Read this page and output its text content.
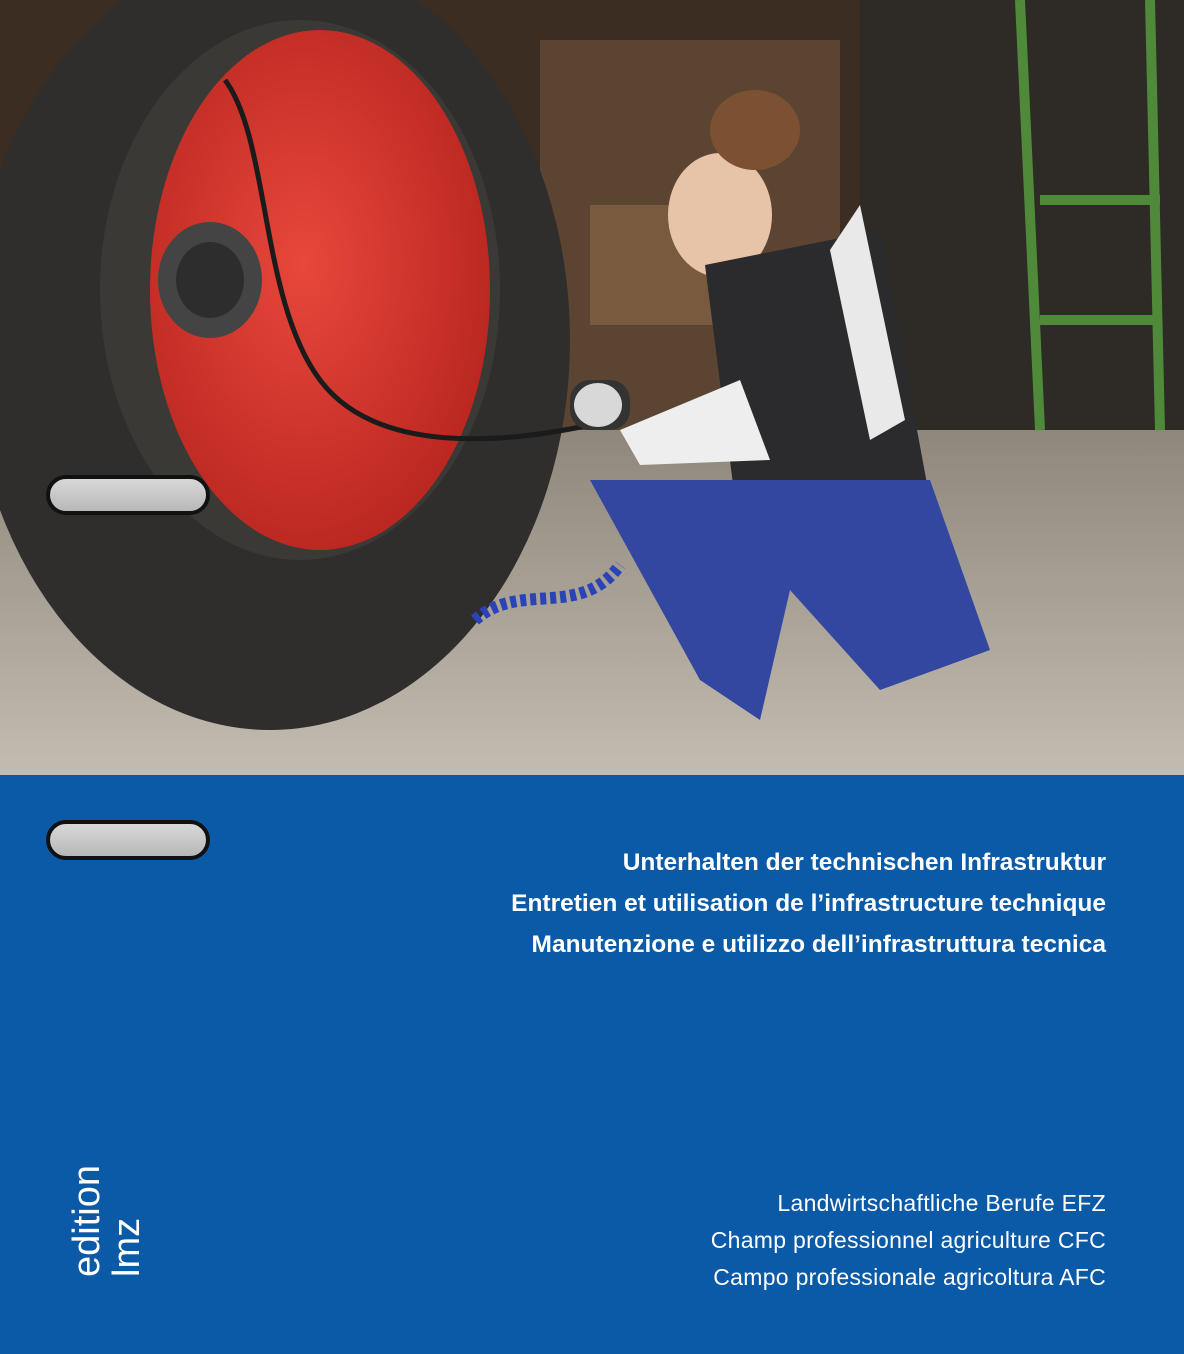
Unterhalten der technischen Infrastruktur
Entretien et utilisation de l’infrastructure technique
Manutenzione e utilizzo dell’infrastruttura tecnica
Landwirtschaftliche Berufe EFZ
Champ professionnel agriculture CFC
Campo professionale agricoltura AFC
edition
lmz
